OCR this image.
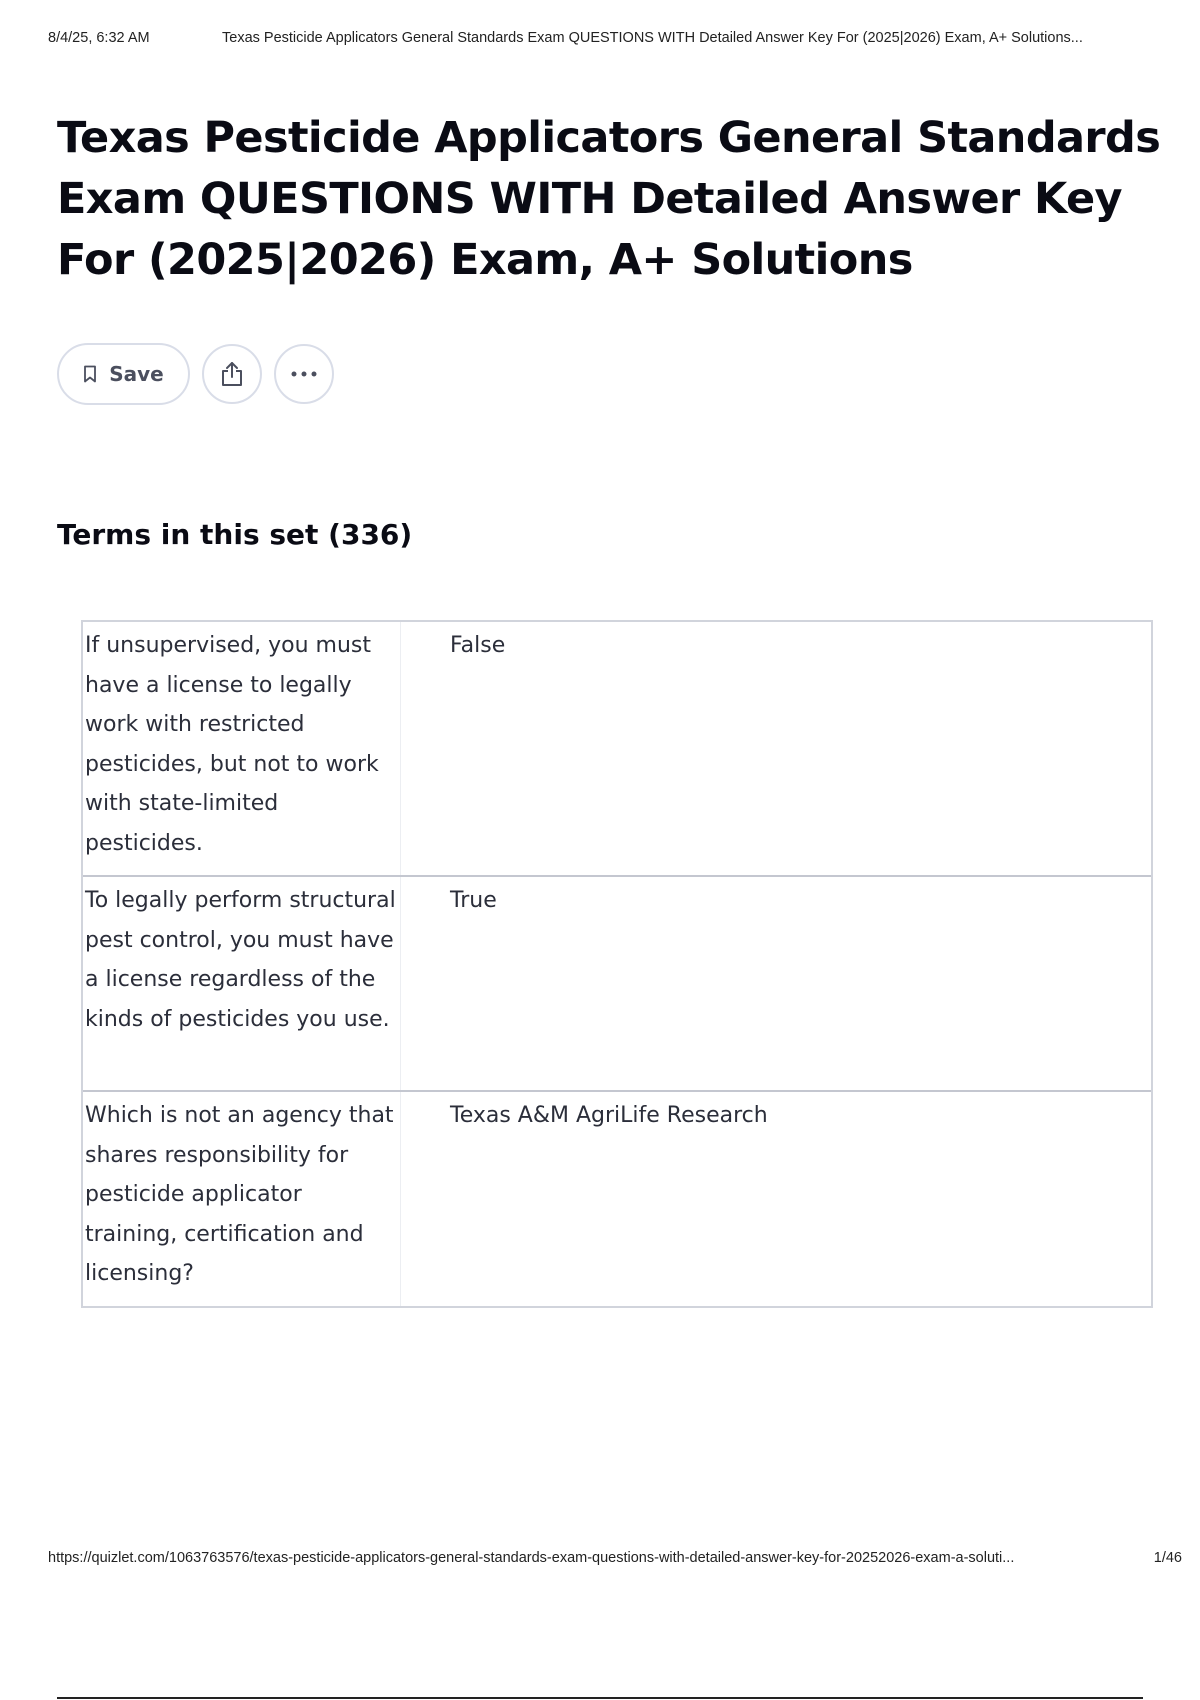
8/4/25, 6:32 AM	Texas Pesticide Applicators General Standards Exam QUESTIONS WITH Detailed Answer Key For (2025|2026) Exam, A+ Solutions...
Texas Pesticide Applicators General Standards Exam QUESTIONS WITH Detailed Answer Key For (2025|2026) Exam, A+ Solutions
Save
Terms in this set (336)
If unsupervised, you must have a license to legally work with restricted pesticides, but not to work with state-limited pesticides.
False
To legally perform structural pest control, you must have a license regardless of the kinds of pesticides you use.
True
Which is not an agency that shares responsibility for pesticide applicator training, certification and licensing?
Texas A&M AgriLife Research
https://quizlet.com/1063763576/texas-pesticide-applicators-general-standards-exam-questions-with-detailed-answer-key-for-20252026-exam-a-soluti...	1/46
